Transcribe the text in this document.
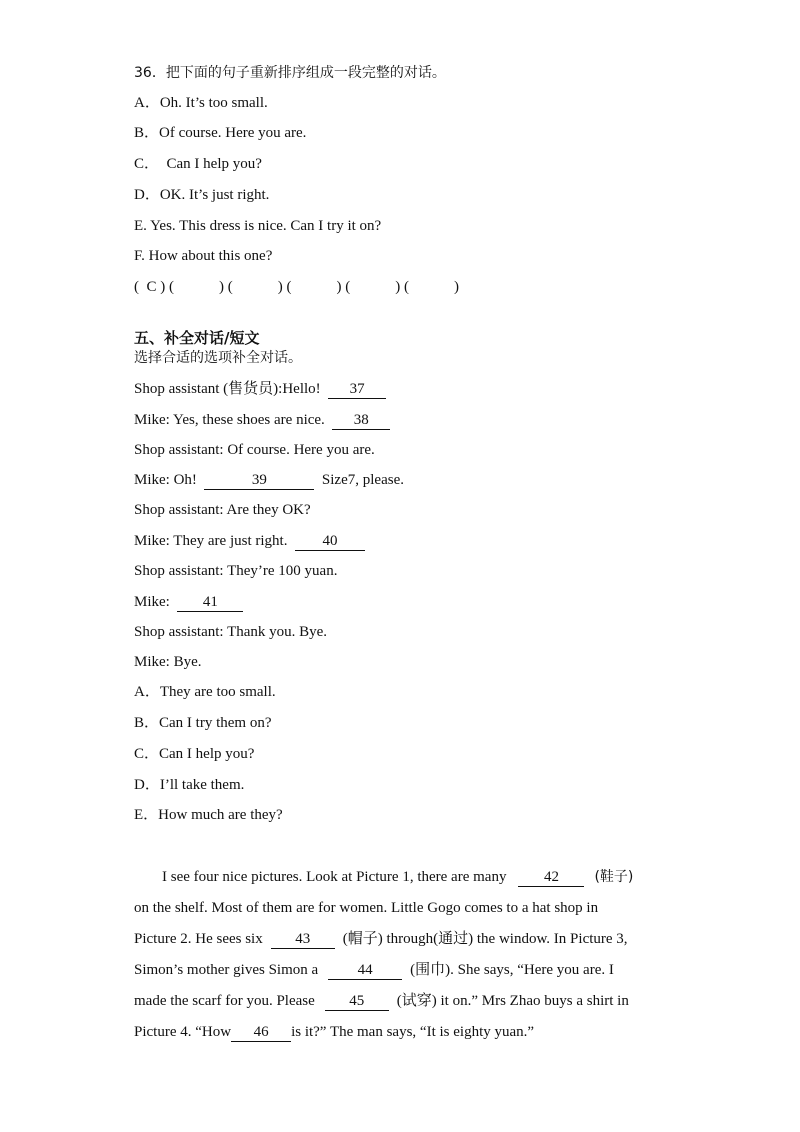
36．把下面的句子重新排序组成一段完整的对话。
A．Oh. It’s too small.
B．Of course. Here you are.
C．  Can I help you?
D．OK. It’s just right.
E. Yes. This dress is nice. Can I try it on?
F. How about this one?
(  C ) (            ) (            ) (            ) (            ) (            )
五、补全对话/短文
选择合适的选项补全对话。
Shop assistant (售货员):Hello!  37
Mike: Yes, these shoes are nice.  38
Shop assistant: Of course. Here you are.
Mike: Oh!	39	Size7, please.
Shop assistant: Are they OK?
Mike: They are just right.  40
Shop assistant: They’re 100 yuan.
Mike:  41
Shop assistant: Thank you. Bye.
Mike: Bye.
A．They are too small.
B．Can I try them on?
C．Can I help you?
D．I’ll take them.
E．How much are they?
I see four nice pictures. Look at Picture 1, there are many	42	(鞋子)
on the shelf. Most of them are for women. Little Gogo comes to a hat shop in
Picture 2. He sees six 43 (帽子) through(通过) the window. In Picture 3,
Simon’s mother gives Simon a	44	(围巾). She says, “Here you are. I
made the scarf for you. Please 45 (试穿) it on.” Mrs Zhao buys a shirt in
Picture 4. “How 46 is it?” The man says, “It is eighty yuan.”
